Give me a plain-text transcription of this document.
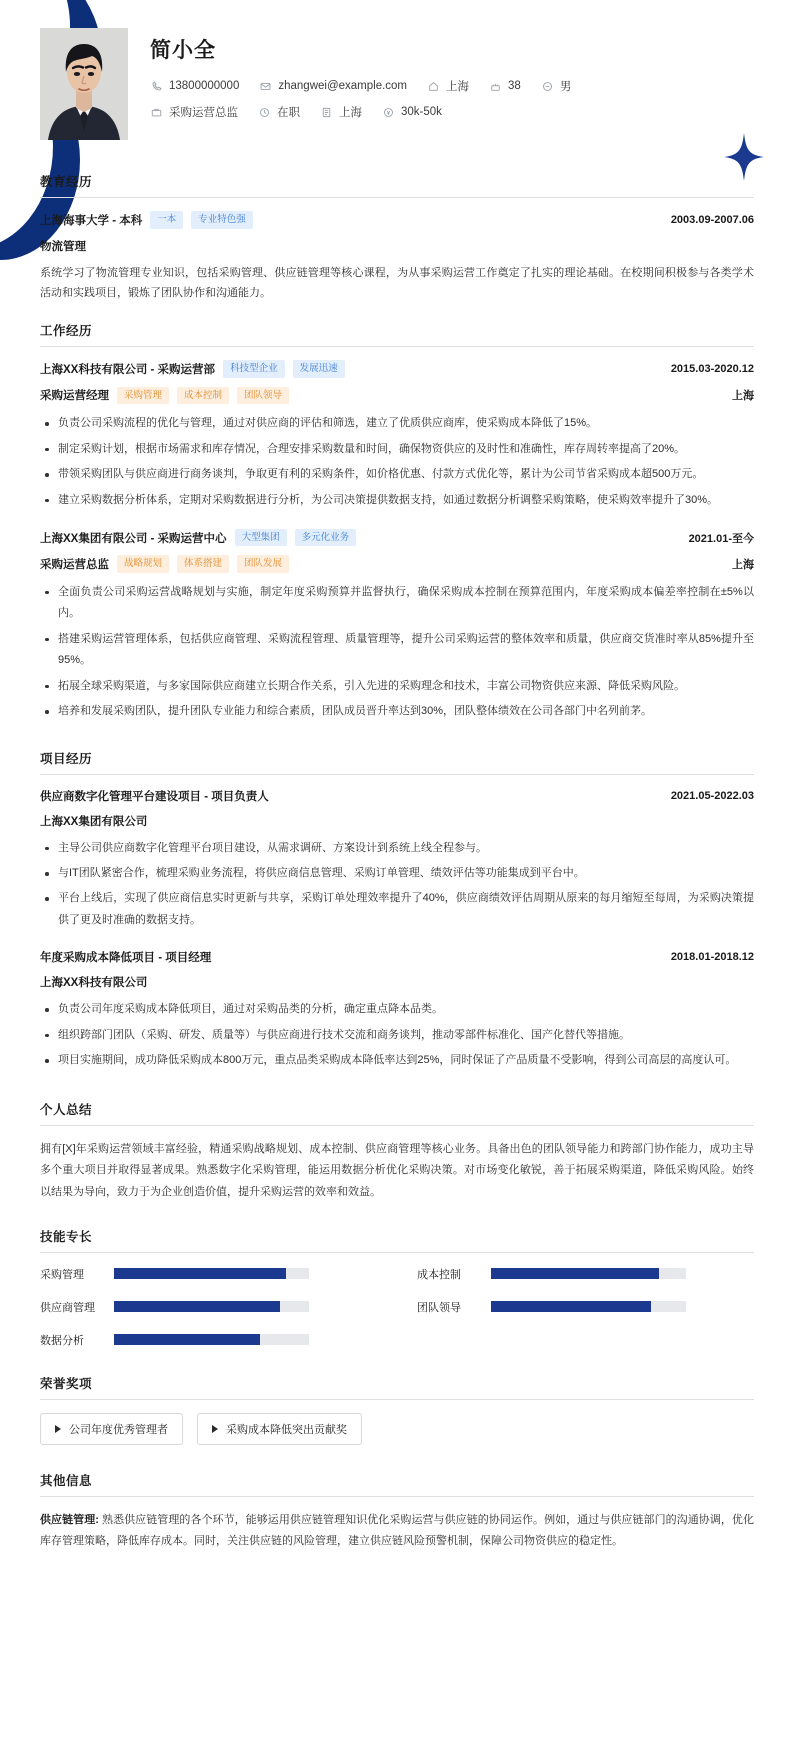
简小全
13800000000	zhangwei@example.com	上海	38	男
采购运营总监	在职	上海	30k-50k
教育经历
上海海事大学 - 本科	一本	专业特色强	2003.09-2007.06
物流管理
系统学习了物流管理专业知识，包括采购管理、供应链管理等核心课程，为从事采购运营工作奠定了扎实的理论基础。在校期间积极参与各类学术活动和实践项目，锻炼了团队协作和沟通能力。
工作经历
上海XX科技有限公司 - 采购运营部	科技型企业	发展迅速	2015.03-2020.12
采购运营经理	采购管理	成本控制	团队领导	上海
负责公司采购流程的优化与管理，通过对供应商的评估和筛选，建立了优质供应商库，使采购成本降低了15%。
制定采购计划，根据市场需求和库存情况，合理安排采购数量和时间，确保物资供应的及时性和准确性，库存周转率提高了20%。
带领采购团队与供应商进行商务谈判，争取更有利的采购条件，如价格优惠、付款方式优化等，累计为公司节省采购成本超500万元。
建立采购数据分析体系，定期对采购数据进行分析，为公司决策提供数据支持，如通过数据分析调整采购策略，使采购效率提升了30%。
上海XX集团有限公司 - 采购运营中心	大型集团	多元化业务	2021.01-至今
采购运营总监	战略规划	体系搭建	团队发展	上海
全面负责公司采购运营战略规划与实施，制定年度采购预算并监督执行，确保采购成本控制在预算范围内，年度采购成本偏差率控制在±5%以内。
搭建采购运营管理体系，包括供应商管理、采购流程管理、质量管理等，提升公司采购运营的整体效率和质量，供应商交货准时率从85%提升至95%。
拓展全球采购渠道，与多家国际供应商建立长期合作关系，引入先进的采购理念和技术，丰富公司物资供应来源、降低采购风险。
培养和发展采购团队，提升团队专业能力和综合素质，团队成员晋升率达到30%，团队整体绩效在公司各部门中名列前茅。
项目经历
供应商数字化管理平台建设项目 - 项目负责人	2021.05-2022.03
上海XX集团有限公司
主导公司供应商数字化管理平台项目建设，从需求调研、方案设计到系统上线全程参与。
与IT团队紧密合作，梳理采购业务流程，将供应商信息管理、采购订单管理、绩效评估等功能集成到平台中。
平台上线后，实现了供应商信息实时更新与共享，采购订单处理效率提升了40%，供应商绩效评估周期从原来的每月缩短至每周，为采购决策提供了更及时准确的数据支持。
年度采购成本降低项目 - 项目经理	2018.01-2018.12
上海XX科技有限公司
负责公司年度采购成本降低项目，通过对采购品类的分析，确定重点降本品类。
组织跨部门团队（采购、研发、质量等）与供应商进行技术交流和商务谈判，推动零部件标准化、国产化替代等措施。
项目实施期间，成功降低采购成本800万元，重点品类采购成本降低率达到25%，同时保证了产品质量不受影响，得到公司高层的高度认可。
个人总结
拥有[X]年采购运营领域丰富经验，精通采购战略规划、成本控制、供应商管理等核心业务。具备出色的团队领导能力和跨部门协作能力，成功主导多个重大项目并取得显著成果。熟悉数字化采购管理，能运用数据分析优化采购决策。对市场变化敏锐，善于拓展采购渠道，降低采购风险。始终以结果为导向，致力于为企业创造价值，提升采购运营的效率和效益。
技能专长
采购管理	成本控制
供应商管理	团队领导
数据分析
荣誉奖项
公司年度优秀管理者	采购成本降低突出贡献奖
其他信息
供应链管理: 熟悉供应链管理的各个环节，能够运用供应链管理知识优化采购运营与供应链的协同运作。例如，通过与供应链部门的沟通协调，优化库存管理策略，降低库存成本。同时，关注供应链的风险管理，建立供应链风险预警机制，保障公司物资供应的稳定性。
